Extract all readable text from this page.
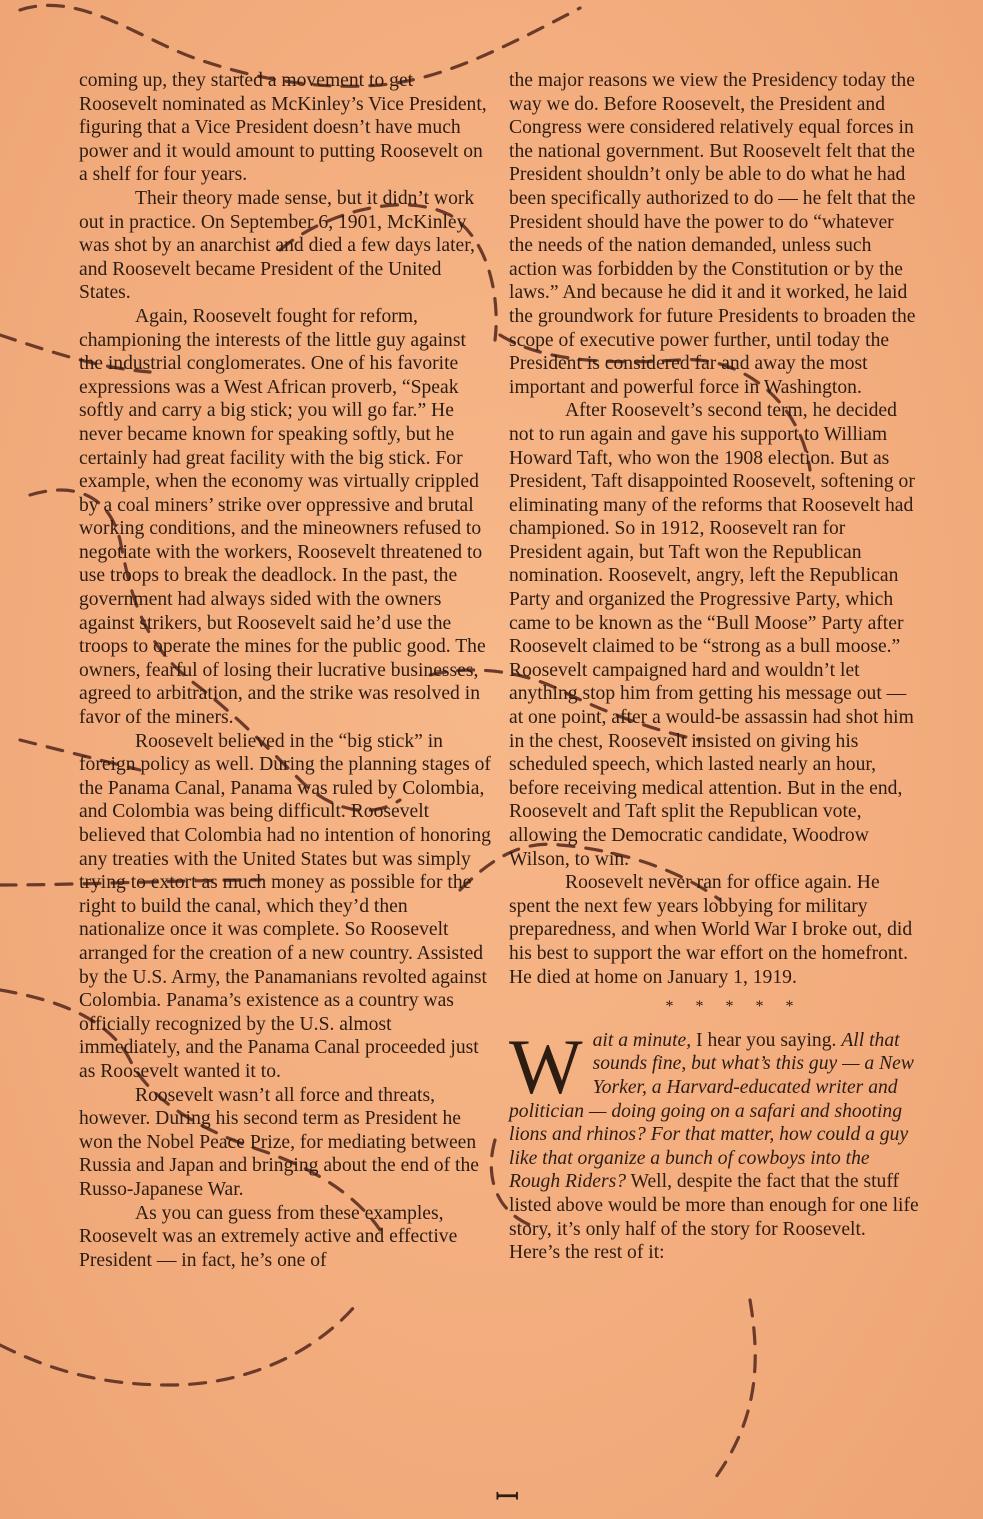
coming up, they started a movement to get Roosevelt nominated as McKinley’s Vice President, figuring that a Vice President doesn’t have much power and it would amount to putting Roosevelt on a shelf for four years.

Their theory made sense, but it didn’t work out in practice. On September 6, 1901, McKinley was shot by an anarchist and died a few days later, and Roosevelt became President of the United States.

Again, Roosevelt fought for reform, championing the interests of the little guy against the industrial conglomerates. One of his favorite expressions was a West African proverb, “Speak softly and carry a big stick; you will go far.” He never became known for speaking softly, but he certainly had great facility with the big stick. For example, when the economy was virtually crippled by a coal miners’ strike over oppressive and brutal working conditions, and the mineowners refused to negotiate with the workers, Roosevelt threatened to use troops to break the deadlock. In the past, the government had always sided with the owners against strikers, but Roosevelt said he’d use the troops to operate the mines for the public good. The owners, fearful of losing their lucrative businesses, agreed to arbitration, and the strike was resolved in favor of the miners.

Roosevelt believed in the “big stick” in foreign policy as well. During the planning stages of the Panama Canal, Panama was ruled by Colombia, and Colombia was being difficult. Roosevelt believed that Colombia had no intention of honoring any treaties with the United States but was simply trying to extort as much money as possible for the right to build the canal, which they’d then nationalize once it was complete. So Roosevelt arranged for the creation of a new country. Assisted by the U.S. Army, the Panamanians revolted against Colombia. Panama’s existence as a country was officially recognized by the U.S. almost immediately, and the Panama Canal proceeded just as Roosevelt wanted it to.

Roosevelt wasn’t all force and threats, however. During his second term as President he won the Nobel Peace Prize, for mediating between Russia and Japan and bringing about the end of the Russo-Japanese War.

As you can guess from these examples, Roosevelt was an extremely active and effective President — in fact, he’s one of

the major reasons we view the Presidency today the way we do. Before Roosevelt, the President and Congress were considered relatively equal forces in the national government. But Roosevelt felt that the President shouldn’t only be able to do what he had been specifically authorized to do — he felt that the President should have the power to do “whatever the needs of the nation demanded, unless such action was forbidden by the Constitution or by the laws.” And because he did it and it worked, he laid the groundwork for future Presidents to broaden the scope of executive power further, until today the President is considered far and away the most important and powerful force in Washington.

After Roosevelt’s second term, he decided not to run again and gave his support to William Howard Taft, who won the 1908 election. But as President, Taft disappointed Roosevelt, softening or eliminating many of the reforms that Roosevelt had championed. So in 1912, Roosevelt ran for President again, but Taft won the Republican nomination. Roosevelt, angry, left the Republican Party and organized the Progressive Party, which came to be known as the “Bull Moose” Party after Roosevelt claimed to be “strong as a bull moose.” Roosevelt campaigned hard and wouldn’t let anything stop him from getting his message out — at one point, after a would-be assassin had shot him in the chest, Roosevelt insisted on giving his scheduled speech, which lasted nearly an hour, before receiving medical attention. But in the end, Roosevelt and Taft split the Republican vote, allowing the Democratic candidate, Woodrow Wilson, to win.

Roosevelt never ran for office again. He spent the next few years lobbying for military preparedness, and when World War I broke out, did his best to support the war effort on the homefront. He died at home on January 1, 1919.

* * * * *

Wait a minute, I hear you saying. All that sounds fine, but what’s this guy — a New Yorker, a Harvard-educated writer and politician — doing going on a safari and shooting lions and rhinos? For that matter, how could a guy like that organize a bunch of cowboys into the Rough Riders? Well, despite the fact that the stuff listed above would be more than enough for one life story, it’s only half of the story for Roosevelt. Here’s the rest of it:

ꟷ
